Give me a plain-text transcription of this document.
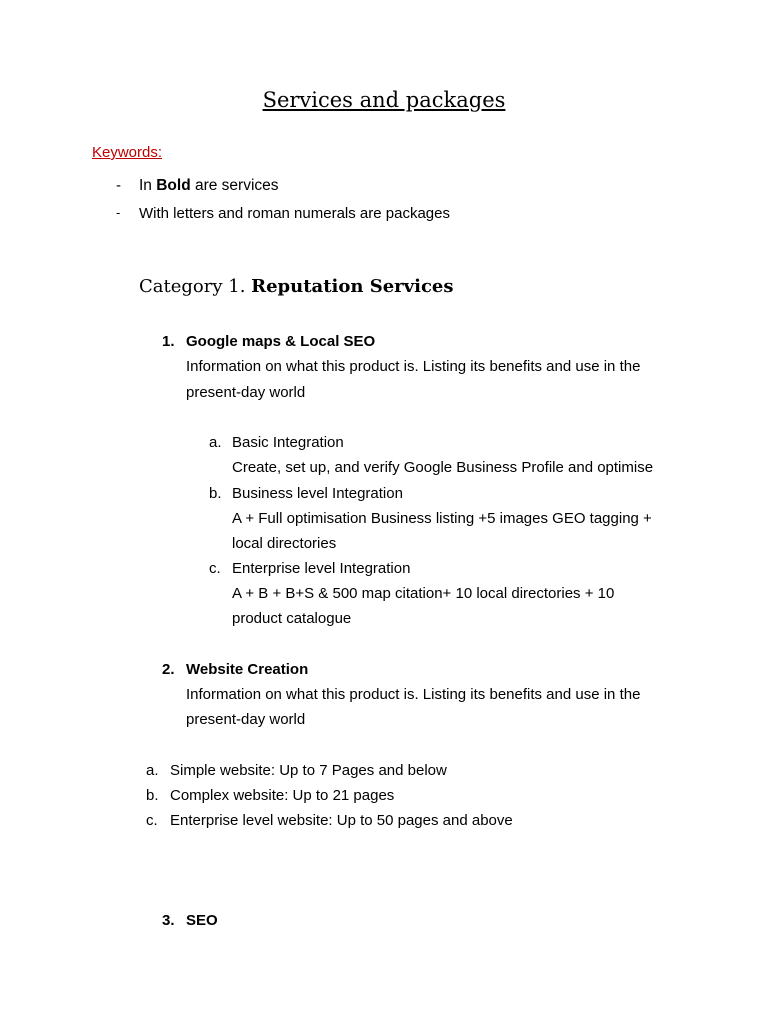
Services and packages
Keywords:
- In Bold are services
- With letters and roman numerals are packages
Category 1. Reputation Services
1. Google maps & Local SEO
Information on what this product is. Listing its benefits and use in the
present-day world
a. Basic Integration
Create, set up, and verify Google Business Profile and optimise
b. Business level Integration
A + Full optimisation Business listing +5 images GEO tagging +
local directories
c. Enterprise level Integration
A + B + B+S & 500 map citation+ 10 local directories + 10
product catalogue
2. Website Creation
Information on what this product is. Listing its benefits and use in the
present-day world
a. Simple website: Up to 7 Pages and below
b. Complex website: Up to 21 pages
c. Enterprise level website: Up to 50 pages and above
3. SEO
